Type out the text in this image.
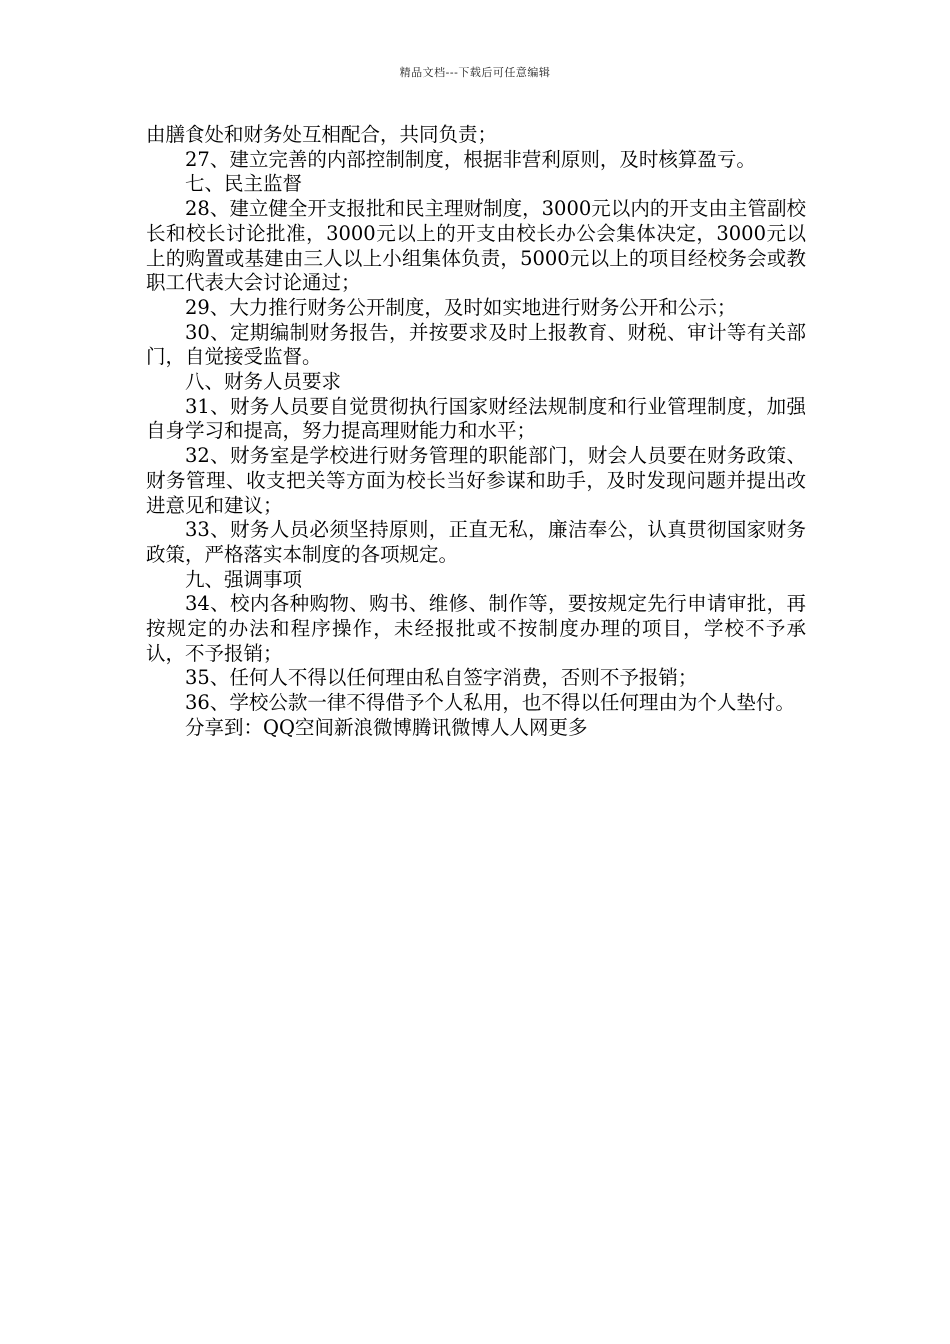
精品文档---下载后可任意编辑

由膳食处和财务处互相配合，共同负责；

27、建立完善的内部控制制度，根据非营利原则，及时核算盈亏。

七、民主监督

28、建立健全开支报批和民主理财制度，3000元以内的开支由主管副校长和校长讨论批准，3000元以上的开支由校长办公会集体决定，3000元以上的购置或基建由三人以上小组集体负责，5000元以上的项目经校务会或教职工代表大会讨论通过；

29、大力推行财务公开制度，及时如实地进行财务公开和公示；

30、定期编制财务报告，并按要求及时上报教育、财税、审计等有关部门，自觉接受监督。

八、财务人员要求

31、财务人员要自觉贯彻执行国家财经法规制度和行业管理制度，加强自身学习和提高，努力提高理财能力和水平；

32、财务室是学校进行财务管理的职能部门，财会人员要在财务政策、财务管理、收支把关等方面为校长当好参谋和助手，及时发现问题并提出改进意见和建议；

33、财务人员必须坚持原则，正直无私，廉洁奉公，认真贯彻国家财务政策，严格落实本制度的各项规定。

九、强调事项

34、校内各种购物、购书、维修、制作等，要按规定先行申请审批，再按规定的办法和程序操作，未经报批或不按制度办理的项目，学校不予承认，不予报销；

35、任何人不得以任何理由私自签字消费，否则不予报销；

36、学校公款一律不得借予个人私用，也不得以任何理由为个人垫付。

分享到：QQ空间新浪微博腾讯微博人人网更多
